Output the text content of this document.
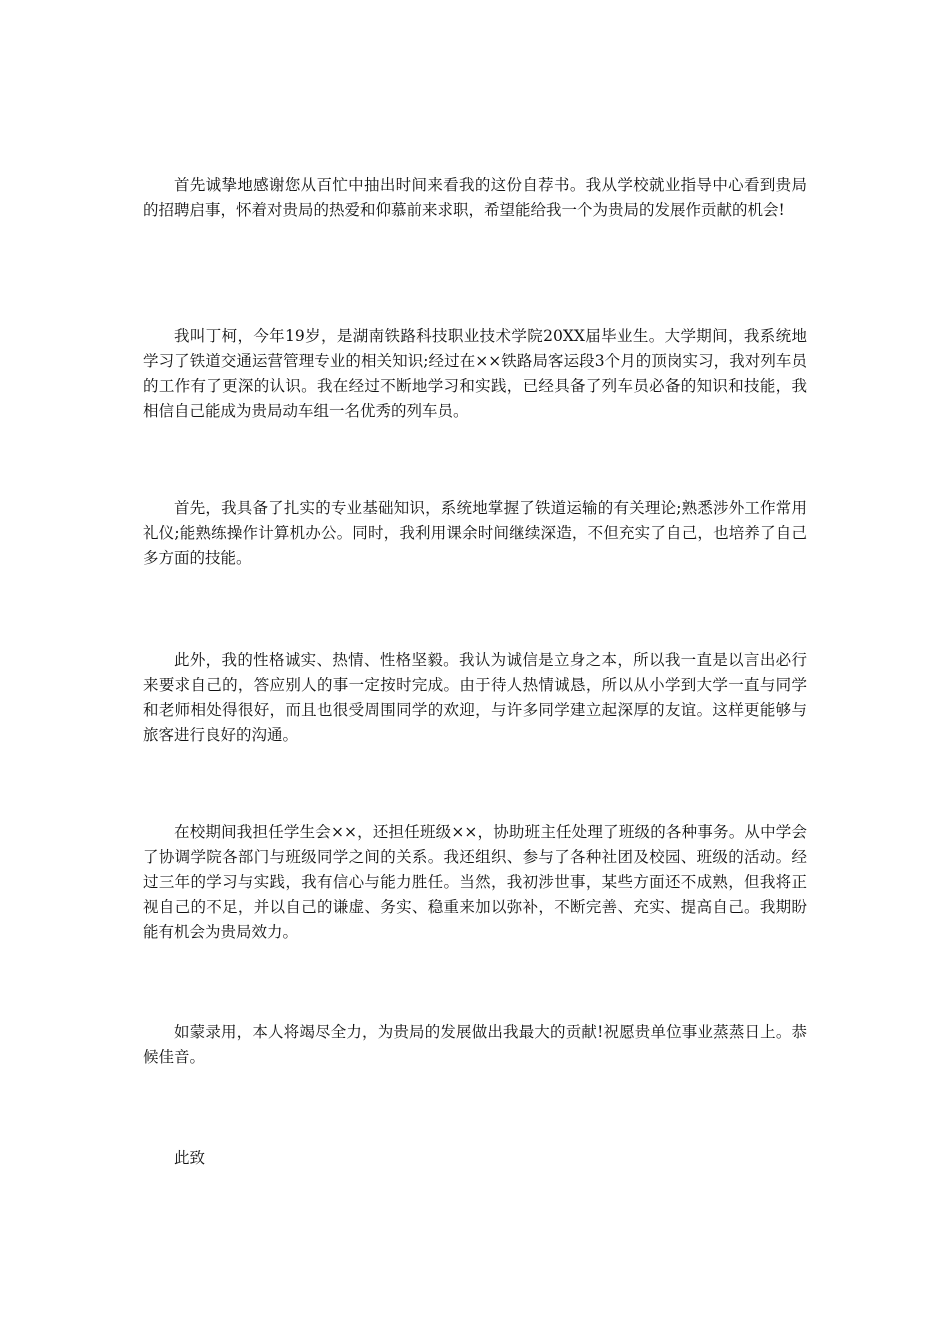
首先诚挚地感谢您从百忙中抽出时间来看我的这份自荐书。我从学校就业指导中心看到贵局的招聘启事，怀着对贵局的热爱和仰慕前来求职，希望能给我一个为贵局的发展作贡献的机会!

我叫丁柯，今年19岁，是湖南铁路科技职业技术学院20XX届毕业生。大学期间，我系统地学习了铁道交通运营管理专业的相关知识;经过在××铁路局客运段3个月的顶岗实习，我对列车员的工作有了更深的认识。我在经过不断地学习和实践，已经具备了列车员必备的知识和技能，我相信自己能成为贵局动车组一名优秀的列车员。

首先，我具备了扎实的专业基础知识，系统地掌握了铁道运输的有关理论;熟悉涉外工作常用礼仪;能熟练操作计算机办公。同时，我利用课余时间继续深造，不但充实了自己，也培养了自己多方面的技能。

此外，我的性格诚实、热情、性格坚毅。我认为诚信是立身之本，所以我一直是以言出必行来要求自己的，答应别人的事一定按时完成。由于待人热情诚恳，所以从小学到大学一直与同学和老师相处得很好，而且也很受周围同学的欢迎，与许多同学建立起深厚的友谊。这样更能够与旅客进行良好的沟通。

在校期间我担任学生会××，还担任班级××，协助班主任处理了班级的各种事务。从中学会了协调学院各部门与班级同学之间的关系。我还组织、参与了各种社团及校园、班级的活动。经过三年的学习与实践，我有信心与能力胜任。当然，我初涉世事，某些方面还不成熟，但我将正视自己的不足，并以自己的谦虚、务实、稳重来加以弥补，不断完善、充实、提高自己。我期盼能有机会为贵局效力。

如蒙录用，本人将竭尽全力，为贵局的发展做出我最大的贡献!祝愿贵单位事业蒸蒸日上。恭候佳音。

此致
